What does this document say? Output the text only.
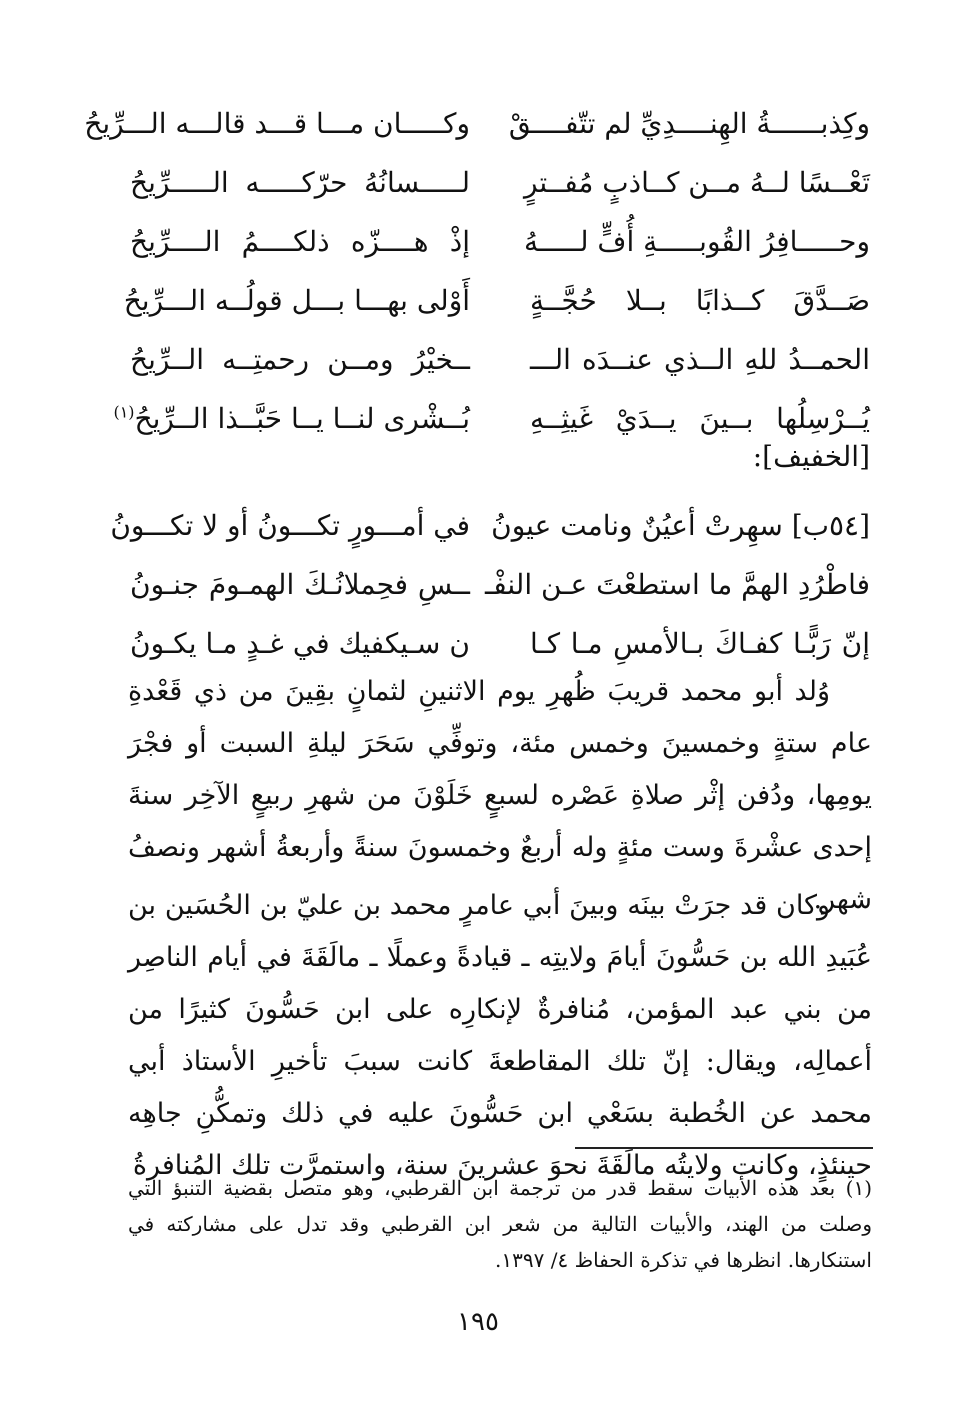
وكِذبــــــةُ الهِنــــدِيِّ لم تتّفــــقْ
وكـــــان مـــا قـــد قالـــه الـــرِّيحُ
تَعْــسًا لــهُ مــن كــاذبٍ مُفــترٍ
لـــــسانُهُ حرّكـــــه الـــــرِّيحُ
وحـــــافِرُ القُوبـــــةِ أُفٍّ لـــــهُ
إذْ هــــزّه ذلكــــمُ الــــرِّيحُ
صَــدَّقَ كــذابًا بــلا حُجَّــةٍ
أَوْلى بهـــا بـــل قولُــه الـــرِّيحُ
الحمــدُ للهِ الــذي عنــدَه الـــ
ــخيْرُ ومــن رحمتِــه الــرِّيحُ
يُــرْسِلُها بــينَ يــدَيْ غَيثِــهِ
بُــشْرى لنــا يــا حَبَّــذا الــرِّيحُ$^{(١)}$
[الخفيف]:
[٥٤ب] سهِرتْ أعيُنٌ ونامت عيونُ
في أمـــورٍ تكـــونُ أو لا تكـــونُ
فاطْرُدِ الهمَّ ما استطعْتَ عـن النفْـ
ــسِ فحِملانُـكَ الهمـومَ جنـونُ
إنّ رَبًّـا كفـاكَ بـالأمسِ مـا كـا
ن سـيكفيك في غـدٍ مـا يكـونُ
وُلد أبو محمد قريبَ ظُهرِ يوم الاثنينِ لثمانٍ بقِينَ من ذي قَعْدةِ عام ستةٍ وخمسينَ وخمس مئة، وتوفِّي سَحَرَ ليلةِ السبت أو فجْرَ يومِها، ودُفن إثْر صلاةِ عَصْره لسبعٍ خَلَوْنَ من شهرِ ربيعٍ الآخِر سنةَ إحدى عشْرةَ وست مئةٍ وله أربعٌ وخمسونَ سنةً وأربعةُ أشهر ونصفُ شهر.
وكان قد جرَتْ بينَه وبينَ أبي عامرٍ محمد بن عليّ بن الحُسَين بن عُبَيدِ الله بن حَسُّونَ أيامَ ولايتِه ـ قيادةً وعملًا ـ مالَقَةَ في أيام الناصِر من بني عبد المؤمن، مُنافرةٌ لإنكارِه على ابن حَسُّونَ كثيرًا من أعمالِه، ويقال: إنّ تلك المقاطعةَ كانت سببَ تأخيرِ الأستاذ أبي محمد عن الخُطبة بسَعْي ابن حَسُّونَ عليه في ذلك وتمكُّنِ جاهِه حينئذٍ، وكانت ولايتُه مالَقَةَ نحوَ عشرينَ سنة، واستمرَّت تلك المُنافرةُ
(١) بعد هذه الأبيات سقط قدر من ترجمة ابن القرطبي، وهو متصل بقضية التنبؤ التي وصلت من الهند، والأبيات التالية من شعر ابن القرطبي وقد تدل على مشاركته في استنكارها. انظرها في تذكرة الحفاظ ٤/ ١٣٩٧.
١٩٥
